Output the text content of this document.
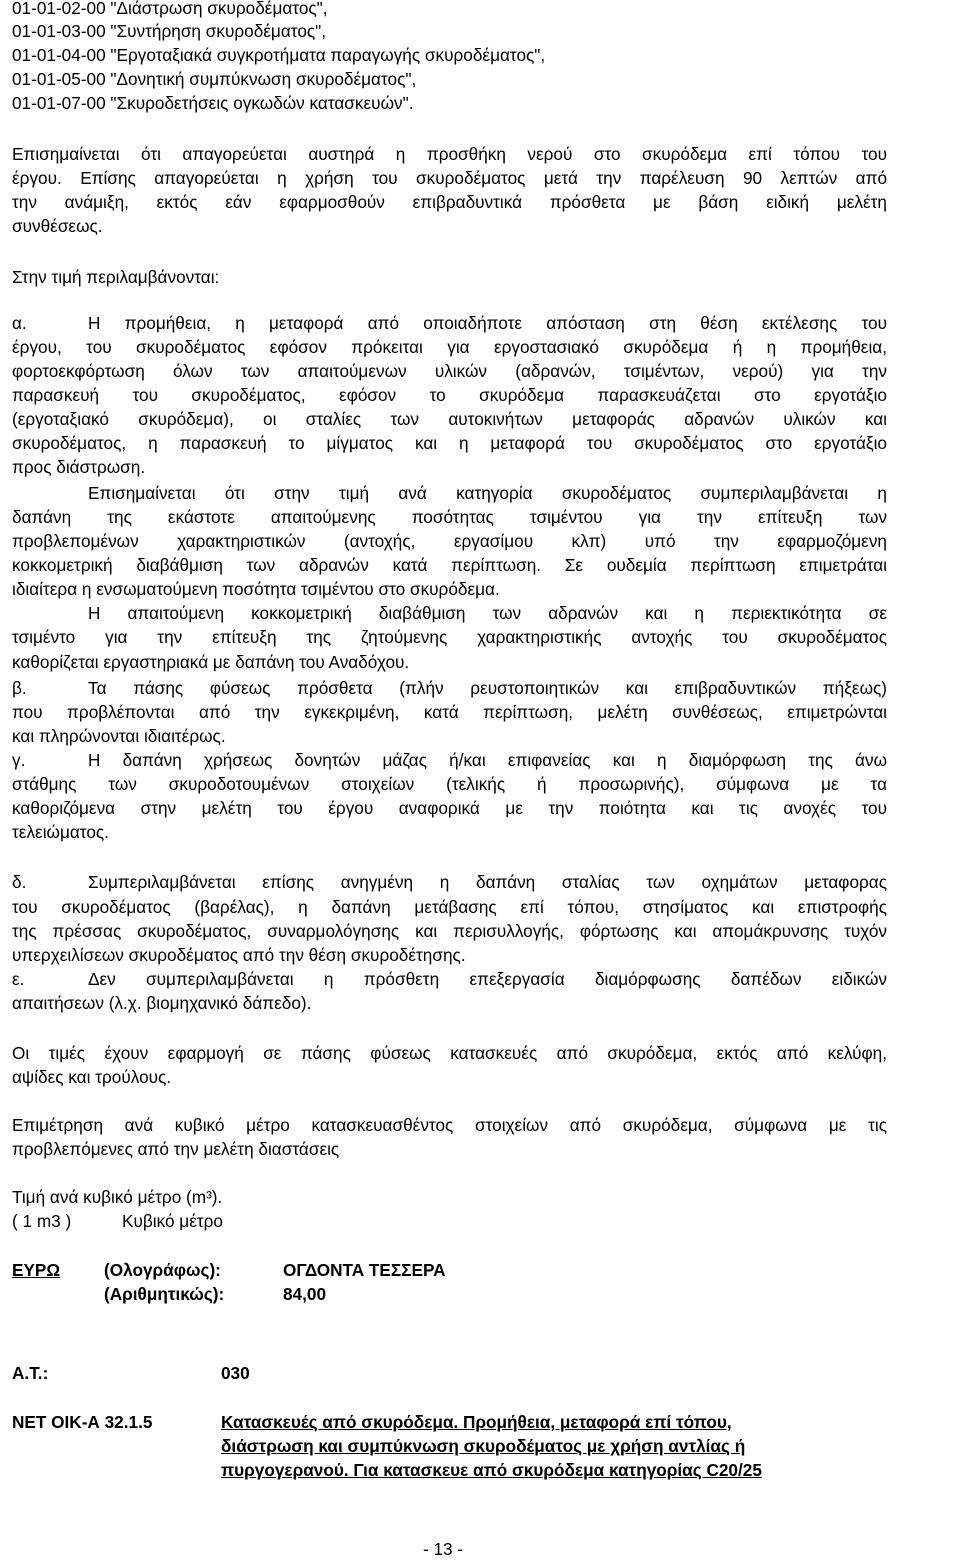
01-01-02-00 "Διάστρωση σκυροδέματος",
01-01-03-00 "Συντήρηση σκυροδέματος",
01-01-04-00 "Εργοταξιακά συγκροτήματα παραγωγής σκυροδέματος",
01-01-05-00 "Δονητική συμπύκνωση σκυροδέματος",
01-01-07-00 "Σκυροδετήσεις ογκωδών κατασκευών".
Επισημαίνεται ότι απαγορεύεται αυστηρά η προσθήκη νερού στο σκυρόδεμα επί τόπου του
έργου. Επίσης απαγορεύεται η χρήση του σκυροδέματος μετά την παρέλευση 90 λεπτών από
την ανάμιξη, εκτός εάν εφαρμοσθούν επιβραδυντικά πρόσθετα με βάση ειδική μελέτη
συνθέσεως.
Στην τιμή περιλαμβάνονται:
α.	Η προμήθεια, η μεταφορά από οποιαδήποτε απόσταση στη θέση εκτέλεσης του
έργου, του σκυροδέματος εφόσον πρόκειται για εργοστασιακό σκυρόδεμα ή η προμήθεια,
φορτοεκφόρτωση όλων των απαιτούμενων υλικών (αδρανών, τσιμέντων, νερού) για την
παρασκευή του σκυροδέματος, εφόσον το σκυρόδεμα παρασκευάζεται στο εργοτάξιο
(εργοταξιακό σκυρόδεμα), οι σταλίες των αυτοκινήτων μεταφοράς αδρανών υλικών και
σκυροδέματος, η παρασκευή το μίγματος και η μεταφορά του σκυροδέματος στο εργοτάξιο
προς διάστρωση.
Επισημαίνεται ότι στην τιμή ανά κατηγορία σκυροδέματος συμπεριλαμβάνεται η
δαπάνη της εκάστοτε απαιτούμενης ποσότητας τσιμέντου για την επίτευξη των
προβλεπομένων χαρακτηριστικών (αντοχής, εργασίμου κλπ) υπό την εφαρμοζόμενη
κοκκομετρική διαβάθμιση των αδρανών κατά περίπτωση. Σε ουδεμία περίπτωση επιμετράται
ιδιαίτερα η ενσωματούμενη ποσότητα τσιμέντου στο σκυρόδεμα.
Η απαιτούμενη κοκκομετρική διαβάθμιση των αδρανών και η περιεκτικότητα σε
τσιμέντο για την επίτευξη της ζητούμενης χαρακτηριστικής αντοχής του σκυροδέματος
καθορίζεται εργαστηριακά με δαπάνη του Αναδόχου.
β.	Τα πάσης φύσεως πρόσθετα (πλήν ρευστοποιητικών και επιβραδυντικών πήξεως)
που προβλέπονται από την εγκεκριμένη, κατά περίπτωση, μελέτη συνθέσεως, επιμετρώνται
και πληρώνονται ιδιαιτέρως.
γ.	Η δαπάνη χρήσεως δονητών μάζας ή/και επιφανείας και η διαμόρφωση της άνω
στάθμης των σκυροδοτουμένων στοιχείων (τελικής ή προσωρινής), σύμφωνα με τα
καθοριζόμενα στην μελέτη του έργου αναφορικά με την ποιότητα και τις ανοχές του
τελειώματος.
δ.	Συμπεριλαμβάνεται επίσης ανηγμένη η δαπάνη σταλίας των οχημάτων μεταφορας
του σκυροδέματος (βαρέλας), η δαπάνη μετάβασης επί τόπου, στησίματος και επιστροφής
της πρέσσας σκυροδέματος, συναρμολόγησης και περισυλλογής, φόρτωσης και απομάκρυνσης τυχόν
υπερχειλίσεων σκυροδέματος από την θέση σκυροδέτησης.
ε.	Δεν συμπεριλαμβάνεται η πρόσθετη επεξεργασία διαμόρφωσης δαπέδων ειδικών
απαιτήσεων (λ.χ. βιομηχανικό δάπεδο).
Οι τιμές έχουν εφαρμογή σε πάσης φύσεως κατασκευές από σκυρόδεμα, εκτός από κελύφη,
αψίδες και τρούλους.
Επιμέτρηση ανά κυβικό μέτρο κατασκευασθέντος στοιχείων από σκυρόδεμα, σύμφωνα με τις
προβλεπόμενες από την μελέτη διαστάσεις
Τιμή ανά κυβικό μέτρο (m³).
( 1 m3 )	Κυβικό μέτρο
ΕΥΡΩ	(Ολογράφως):	ΟΓΔΟΝΤΑ ΤΕΣΣΕΡΑ
(Αριθμητικώς):	84,00
Α.Τ.:	030
ΝΕΤ ΟΙΚ-Α 32.1.5	Κατασκευές από σκυρόδεμα. Προμήθεια, μεταφορά επί τόπου,
διάστρωση και συμπύκνωση σκυροδέματος με χρήση αντλίας ή
πυργογερανού. Για κατασκευε από σκυρόδεμα κατηγορίας C20/25
- 13 -
